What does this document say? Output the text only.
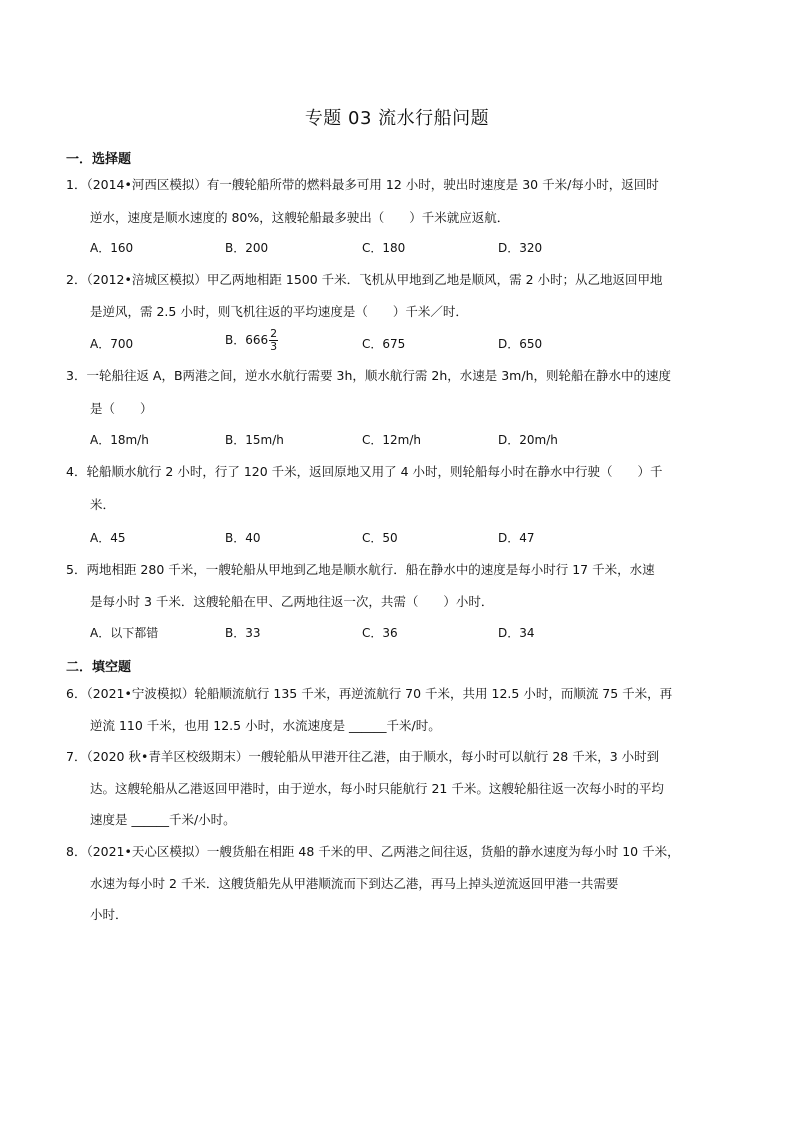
专题 03 流水行船问题
一．选择题
1．（2014•河西区模拟）有一艘轮船所带的燃料最多可用 12 小时，驶出时速度是 30 千米/每小时，返回时
逆水，速度是顺水速度的 80%，这艘轮船最多驶出（　　）千米就应返航．
A．160	B．200	C．180	D．320
2．（2012•涪城区模拟）甲乙两地相距 1500 千米．飞机从甲地到乙地是顺风，需 2 小时；从乙地返回甲地
是逆风，需 2.5 小时，则飞机往返的平均速度是（　　）千米／时．
A．700	B．$666 \frac{2}{3}$	C．675	D．650
3．一轮船往返 A，B两港之间，逆水水航行需要 3h，顺水航行需 2h，水速是 3m/h，则轮船在静水中的速度
是（　　）
A．18m/h	B．15m/h	C．12m/h	D．20m/h
4．轮船顺水航行 2 小时，行了 120 千米，返回原地又用了 4 小时，则轮船每小时在静水中行驶（　　）千
米．
A．45	B．40	C．50	D．47
5．两地相距 280 千米，一艘轮船从甲地到乙地是顺水航行．船在静水中的速度是每小时行 17 千米，水速
是每小时 3 千米．这艘轮船在甲、乙两地往返一次，共需（　　）小时．
A．以下都错	B．33	C．36	D．34
二．填空题
6．（2021•宁波模拟）轮船顺流航行 135 千米，再逆流航行 70 千米，共用 12.5 小时，而顺流 75 千米，再
逆流 110 千米，也用 12.5 小时，水流速度是 ______千米/时。
7．（2020 秋•青羊区校级期末）一艘轮船从甲港开往乙港，由于顺水，每小时可以航行 28 千米，3 小时到
达。这艘轮船从乙港返回甲港时，由于逆水，每小时只能航行 21 千米。这艘轮船往返一次每小时的平均
速度是 ______千米/小时。
8．（2021•天心区模拟）一艘货船在相距 48 千米的甲、乙两港之间往返，货船的静水速度为每小时 10 千米，
水速为每小时 2 千米．这艘货船先从甲港顺流而下到达乙港，再马上掉头逆流返回甲港一共需要
小时．
